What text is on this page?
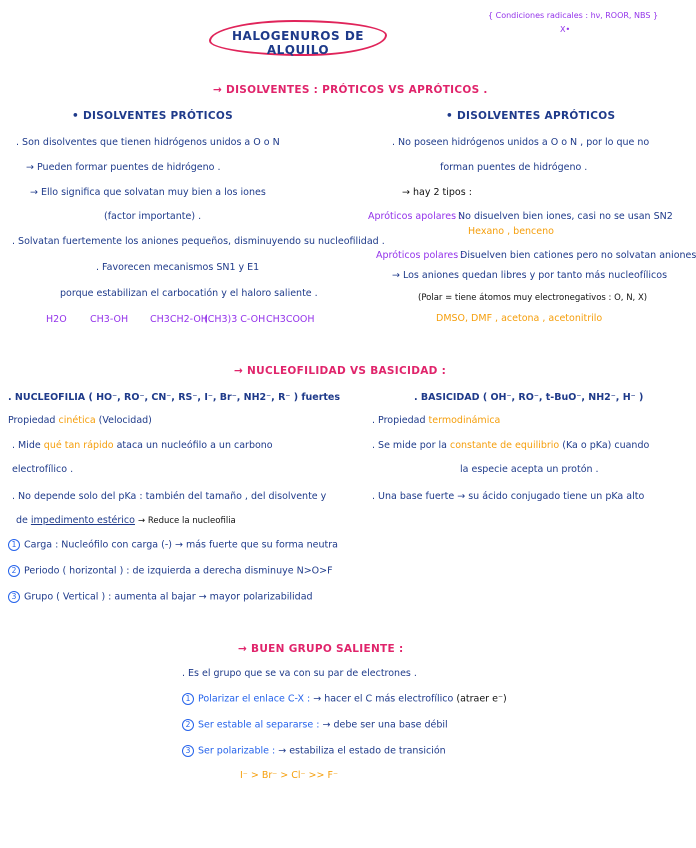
HALOGENUROS DE ALQUILO
{ Condiciones radicales : hν, ROOR, NBS }
X•
→ DISOLVENTES : PRÓTICOS VS APRÓTICOS .
• DISOLVENTES PRÓTICOS
. Son disolventes que tienen hidrógenos unidos a O o N
→ Pueden formar puentes de hidrógeno .
→ Ello significa que solvatan muy bien a los iones
(factor importante) .
. Solvatan fuertemente los aniones pequeños, disminuyendo su nucleofilidad .
. Favorecen mecanismos SN1 y E1
porque estabilizan el carbocatión y el haloro saliente .
H2O CH3-OH CH3CH2-OH
(CH3)3 C-OH CH3COOH
• DISOLVENTES APRÓTICOS
. No poseen hidrógenos unidos a O o N , por lo que no
forman puentes de hidrógeno .
→ hay 2 tipos :
Apróticos apolares :
No disuelven bien iones, casi no se usan SN2
Hexano , benceno
Apróticos polares :
Disuelven bien cationes pero no solvatan aniones
→ Los aniones quedan libres y por tanto más nucleofílicos
(Polar = tiene átomos muy electronegativos : O, N, X)
DMSO, DMF , acetona , acetonitrilo
→ NUCLEOFILIDAD VS BASICIDAD :
. NUCLEOFILIA ( HO⁻, RO⁻, CN⁻, RS⁻, I⁻, Br⁻, NH2⁻, R⁻ ) fuertes
Propiedad cinética (Velocidad)
. Mide qué tan rápido ataca un nucleófilo a un carbono
electrofílico .
. No depende solo del pKa : también del tamaño , del disolvente y
de impedimento estérico → Reduce la nucleofilia
1 Carga : Nucleófilo con carga (-) → más fuerte que su forma neutra
2 Periodo ( horizontal ) : de izquierda a derecha disminuye N>O>F
3 Grupo ( Vertical ) : aumenta al bajar → mayor polarizabilidad
. BASICIDAD ( OH⁻, RO⁻, t-BuO⁻, NH2⁻, H⁻ )
. Propiedad termodinámica
. Se mide por la constante de equilibrio (Ka o pKa) cuando
la especie acepta un protón .
. Una base fuerte → su ácido conjugado tiene un pKa alto
→ BUEN GRUPO SALIENTE :
. Es el grupo que se va con su par de electrones .
1 Polarizar el enlace C-X : → hacer el C más electrofílico (atraer e⁻)
2 Ser estable al separarse : → debe ser una base débil
3 Ser polarizable : → estabiliza el estado de transición
I⁻ > Br⁻ > Cl⁻ >> F⁻
